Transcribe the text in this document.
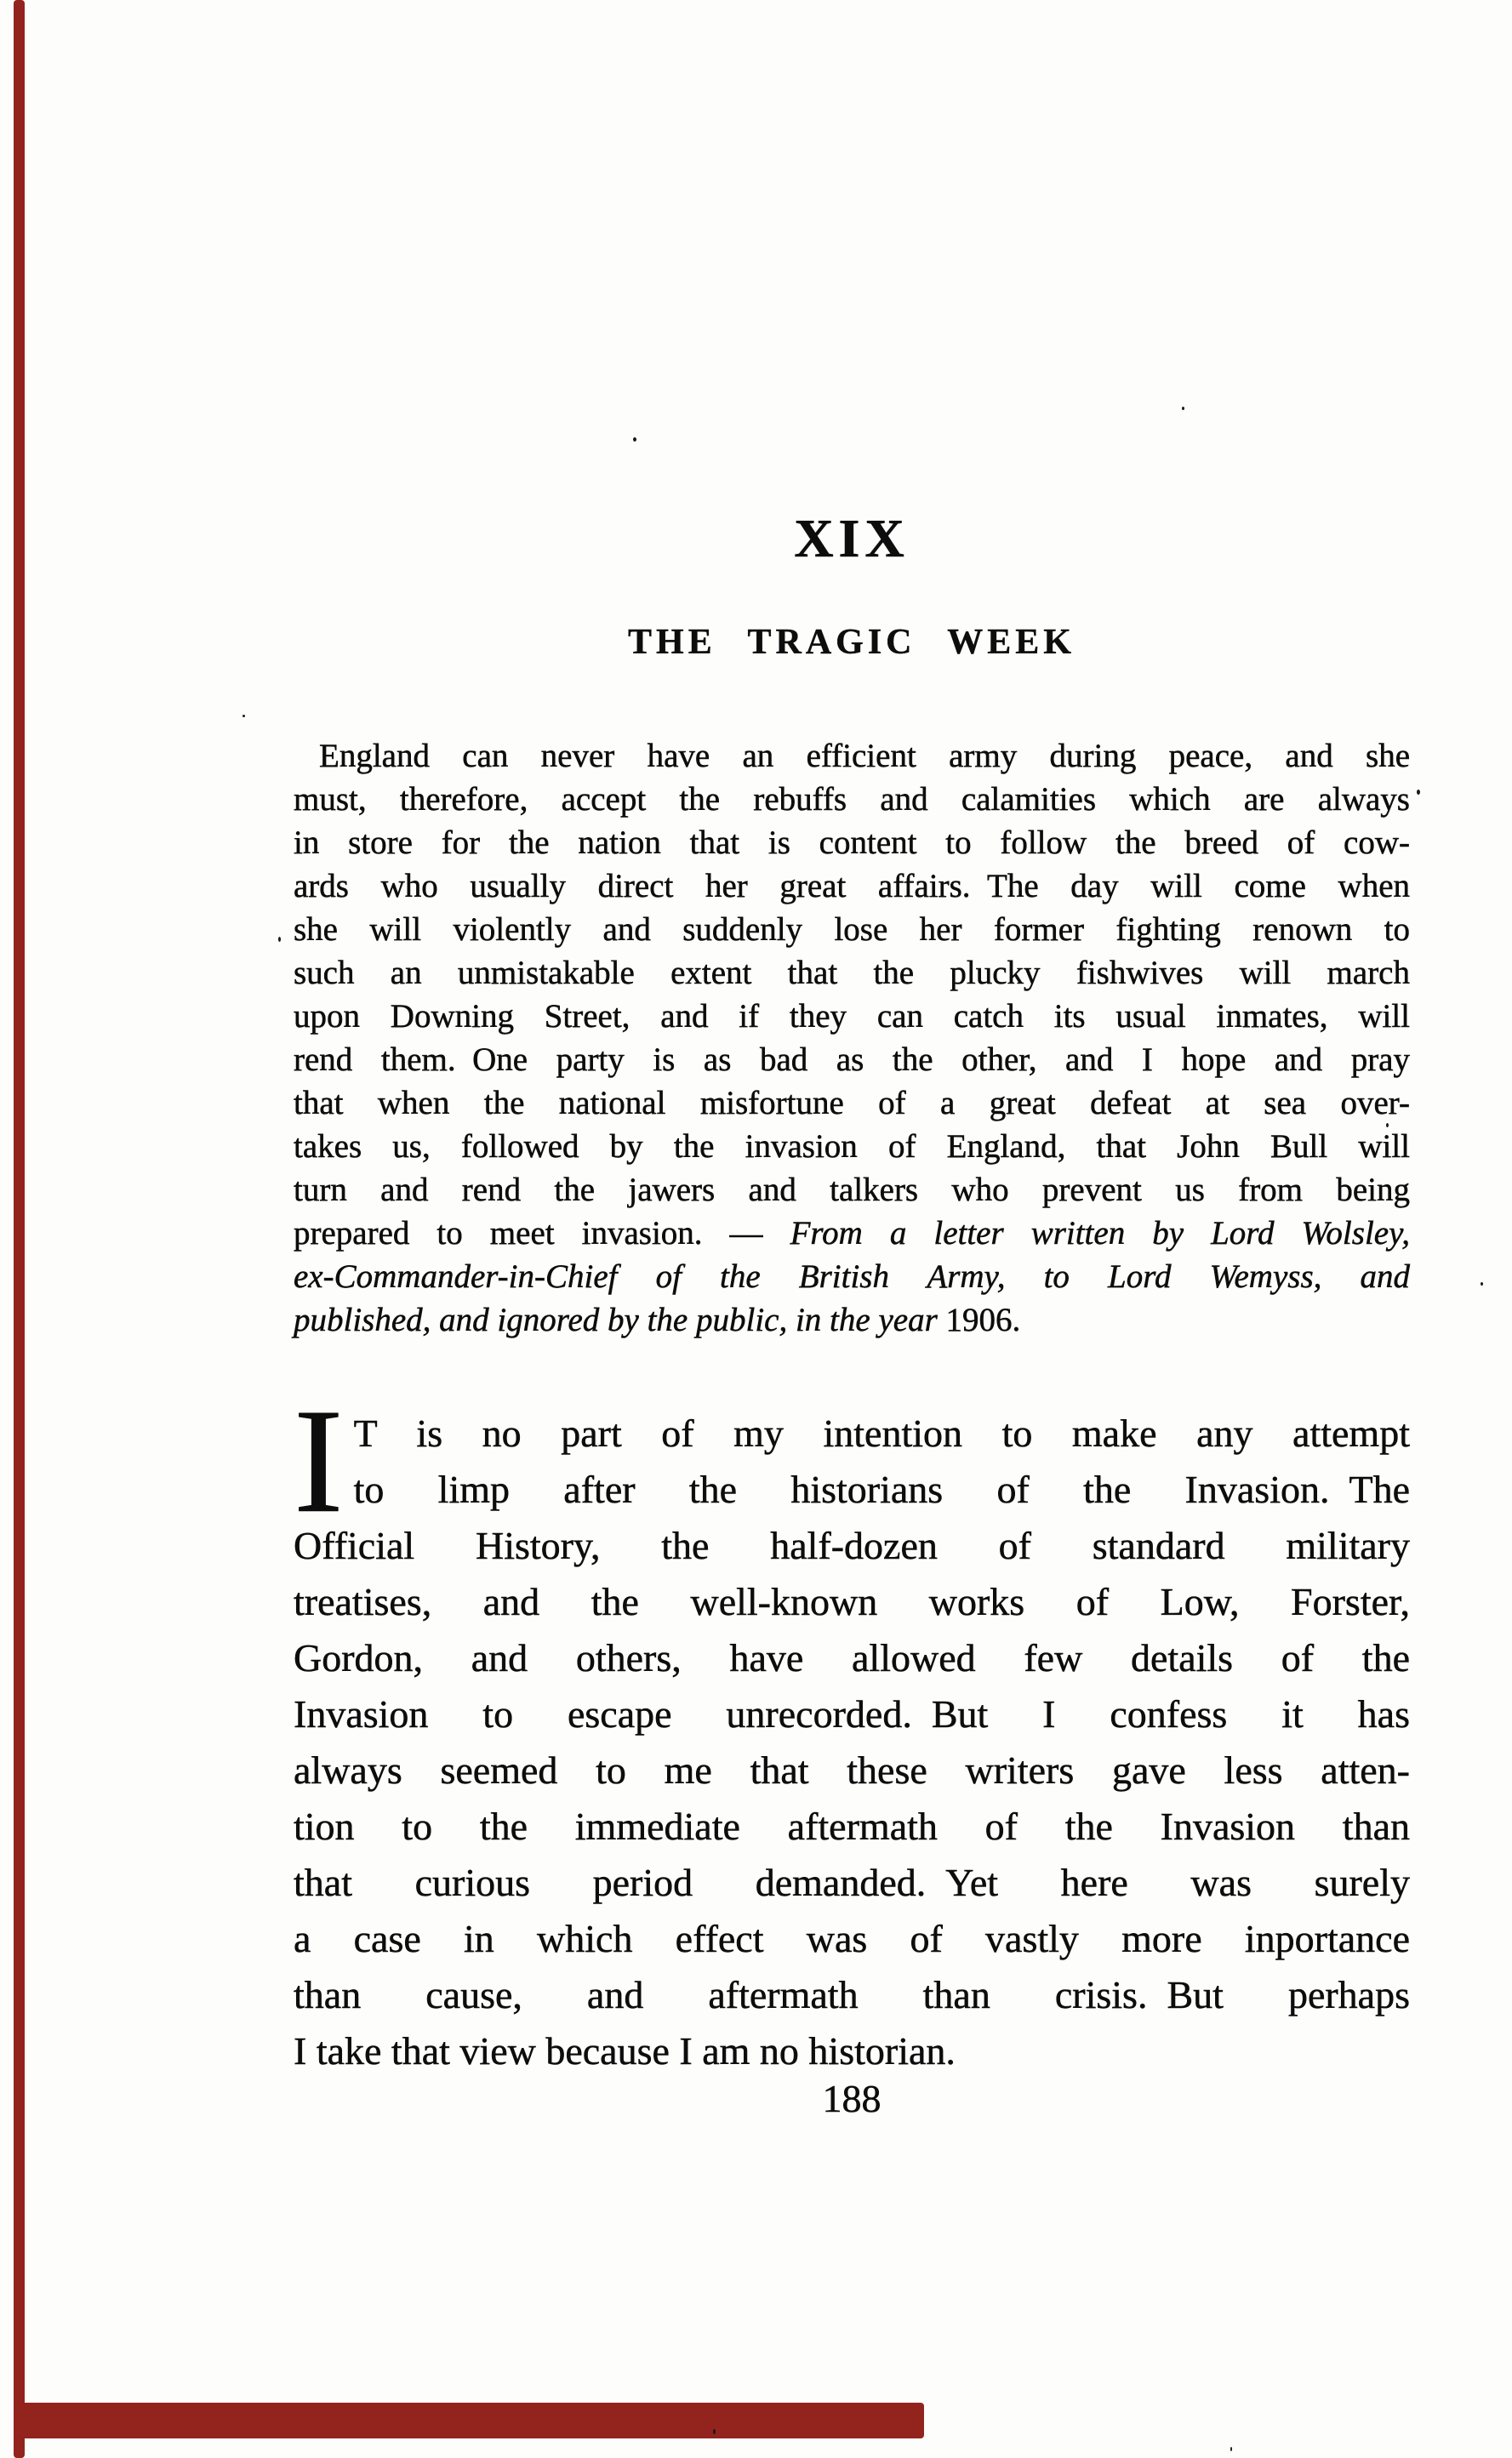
XIX
THE TRAGIC WEEK
England can never have an efficient army during peace, and she
must, therefore, accept the rebuffs and calamities which are always
in store for the nation that is content to follow the breed of cow-
ards who usually direct her great affairs. The day will come when
she will violently and suddenly lose her former fighting renown to
such an unmistakable extent that the plucky fishwives will march
upon Downing Street, and if they can catch its usual inmates, will
rend them. One party is as bad as the other, and I hope and pray
that when the national misfortune of a great defeat at sea over-
takes us, followed by the invasion of England, that John Bull will
turn and rend the jawers and talkers who prevent us from being
prepared to meet invasion. — From a letter written by Lord Wolsley,
ex-Commander-in-Chief of the British Army, to Lord Wemyss, and
published, and ignored by the public, in the year 1906.
I T is no part of my intention to make any attempt
to limp after the historians of the Invasion. The
Official History, the half-dozen of standard military
treatises, and the well-known works of Low, Forster,
Gordon, and others, have allowed few details of the
Invasion to escape unrecorded. But I confess it has
always seemed to me that these writers gave less atten-
tion to the immediate aftermath of the Invasion than
that curious period demanded. Yet here was surely
a case in which effect was of vastly more inportance
than cause, and aftermath than crisis. But perhaps
I take that view because I am no historian.
188
